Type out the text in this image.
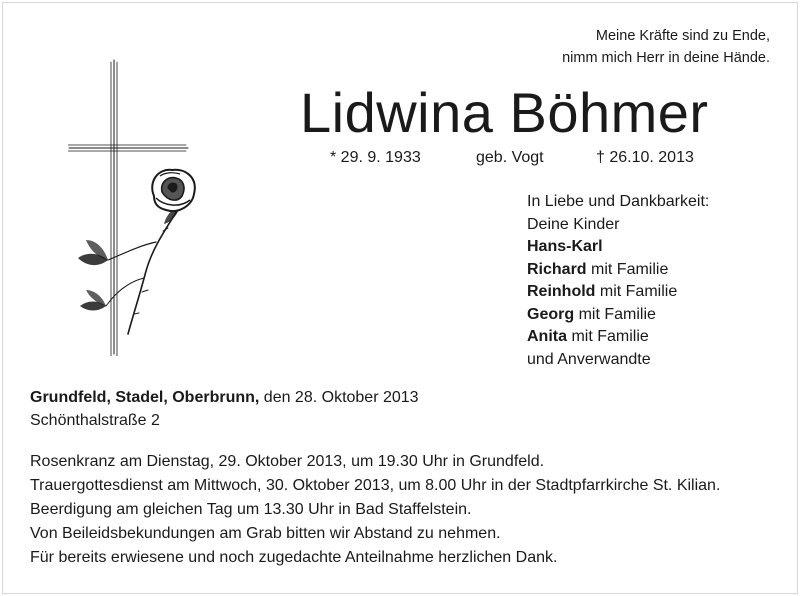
Meine Kräfte sind zu Ende,
nimm mich Herr in deine Hände.
Lidwina Böhmer
* 29. 9. 1933	geb. Vogt	† 26.10. 2013
In Liebe und Dankbarkeit:
Deine Kinder
Hans-Karl
Richard mit Familie
Reinhold mit Familie
Georg mit Familie
Anita mit Familie
und Anverwandte
Grundfeld, Stadel, Oberbrunn, den 28. Oktober 2013
Schönthalstraße 2
Rosenkranz am Dienstag, 29. Oktober 2013, um 19.30 Uhr in Grundfeld.
Trauergottesdienst am Mittwoch, 30. Oktober 2013, um 8.00 Uhr in der Stadtpfarrkirche St. Kilian.
Beerdigung am gleichen Tag um 13.30 Uhr in Bad Staffelstein.
Von Beileidsbekundungen am Grab bitten wir Abstand zu nehmen.
Für bereits erwiesene und noch zugedachte Anteilnahme herzlichen Dank.
